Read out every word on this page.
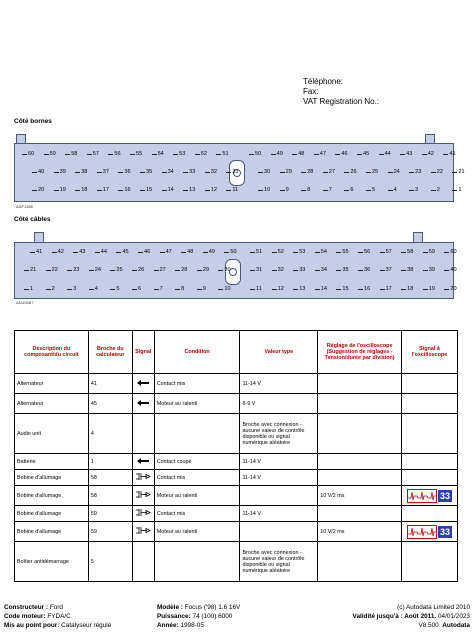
Téléphone:
Fax:
VAT Registration No.:
Côté bornes
60	59	58	57	56	55	54	53	52	51
40	39	38	37	36	35	34	33	32	31
20	19	18	17	16	15	14	13	12	11
50	49	48	47	46	45	44	43	42	41
30	29	28	27	26	25	24	23	22	21
10	9	8	7	6	5	4	3	2	1
ADF1368
Côté câbles
41	42	43	44	45	46	47	48	49	50
21	22	23	24	25	26	27	28	29	30
1	2	3	4	5	6	7	8	9	10
51	52	53	54	55	56	57	58	59	60
31	32	33	34	35	36	37	38	39	40
11	12	13	14	15	16	17	18	19	20
ADU0087
Description du composant/du circuit	Broche du calculateur	Signal	Condition	Valeur type	Réglage de l'oscilloscope (Suggestion de réglages - Tension/durée par division)	Signal à l'oscilloscope
Alternateur	41		Contact mis	11-14 V		
Alternateur	45		Moteur au ralenti	8-9 V		
Audio unit	4			Broche avec connexion - aucune valeur de contrôle disponible ou signal numérique aléatoire		
Batterie	1		Contact coupé	11-14 V		
Bobine d'allumage	58		Contact mis	11-14 V		
Bobine d'allumage	58		Moteur au ralenti		10 V/2 ms	33

Bobine d'allumage	59		Contact mis	11-14 V		
Bobine d'allumage	59		Moteur au ralenti		10 V/2 ms	33

Boîtier antidémarrage	5			Broche avec connexion - aucune valeur de contrôle disponible ou signal numérique aléatoire		
Constructeur : Ford
Code moteur: FYDA/C
Mis au point pour: Catalyseur régulé
Modèle : Focus ('98) 1.6 16V
Puissance: 74 (100) 6000
Année: 1998-05
(c) Autodata Limited 2010
Validité jusqu'à : Août 2011. 04/01/2023
V8.500 Autodata
